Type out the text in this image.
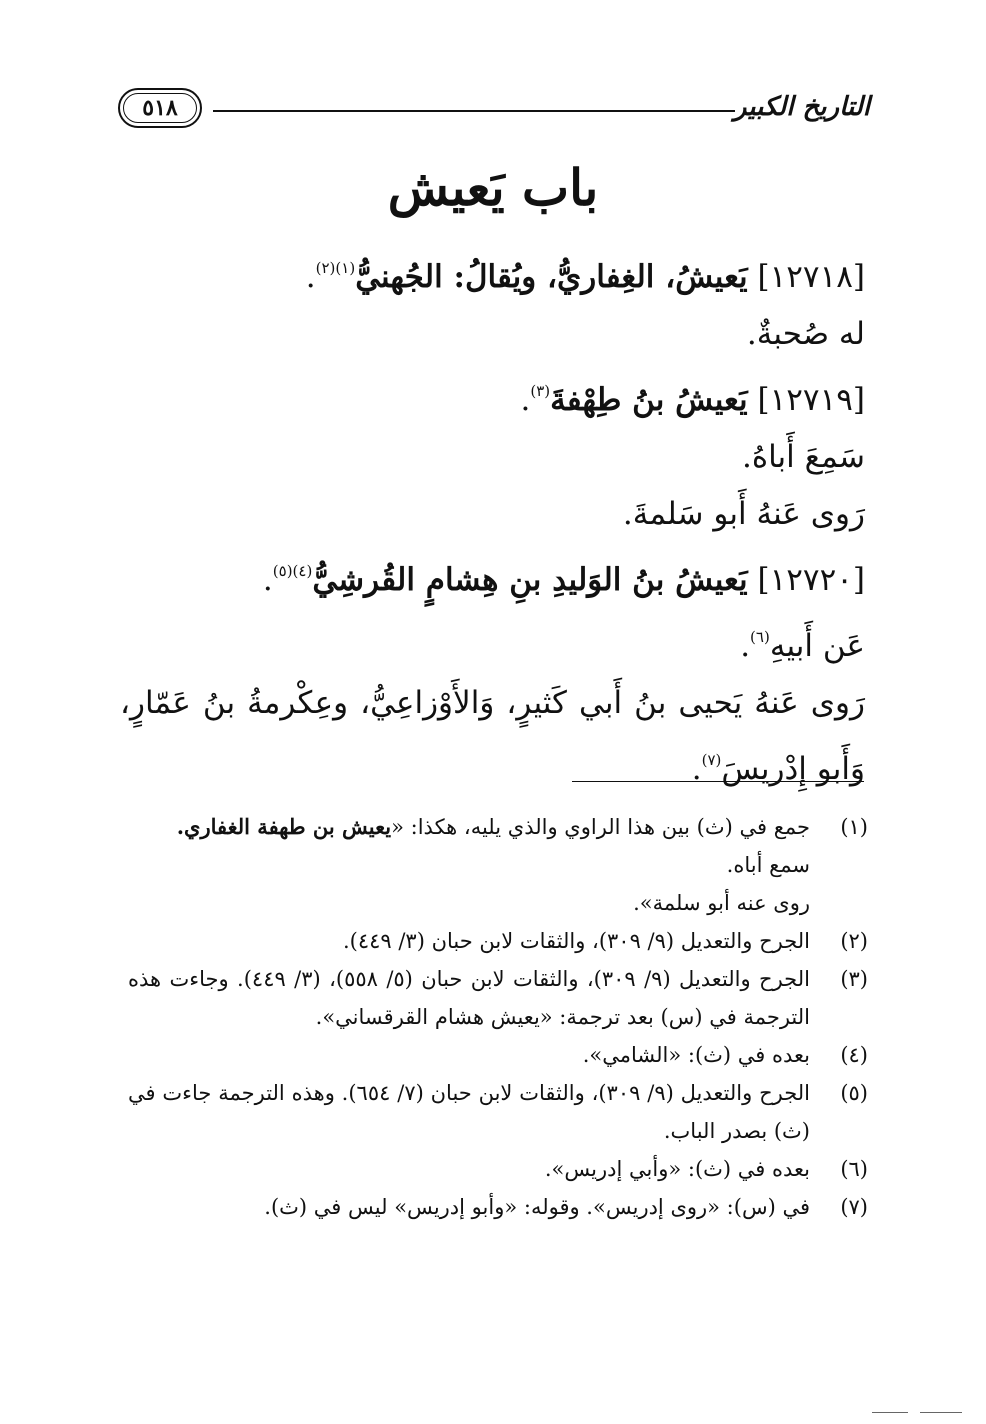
التاريخ الكبير
٥١٨
باب يَعيش

[١٢٧١٨] يَعيشُ، الغِفاريُّ، ويُقالُ: الجُهنيُّ$^{(١)(٢)}$.

له صُحبةٌ.

[١٢٧١٩] يَعيشُ بنُ طِهْفةَ$^{(٣)}$.

سَمِعَ أَباهُ.

رَوى عَنهُ أَبو سَلمةَ.

[١٢٧٢٠] يَعيشُ بنُ الوَليدِ بنِ هِشامٍ القُرشِيُّ$^{(٤)(٥)}$.

عَن أَبيهِ$^{(٦)}$.

رَوى عَنهُ يَحيى بنُ أَبي كَثيرٍ، وَالأَوْزاعِيُّ، وعِكْرمةُ بنُ عَمّارٍ، وَأَبو إِدْريسَ$^{(٧)}$.

(١)
جمع في (ث) بين هذا الراوي والذي يليه، هكذا: «يعيش بن طهفة الغفاري.
سمع أباه.
روى عنه أبو سلمة».
(٢)
الجرح والتعديل (٩/ ٣٠٩)، والثقات لابن حبان (٣/ ٤٤٩).
(٣)
الجرح والتعديل (٩/ ٣٠٩)، والثقات لابن حبان (٥/ ٥٥٨)، (٣/ ٤٤٩). وجاءت هذه الترجمة في (س) بعد ترجمة: «يعيش هشام القرقساني».
(٤)
بعده في (ث): «الشامي».
(٥)
الجرح والتعديل (٩/ ٣٠٩)، والثقات لابن حبان (٧/ ٦٥٤). وهذه الترجمة جاءت في (ث) بصدر الباب.
(٦)
بعده في (ث): «وأبي إدريس».
(٧)
في (س): «روى إدريس». وقوله: «وأبو إدريس» ليس في (ث).
